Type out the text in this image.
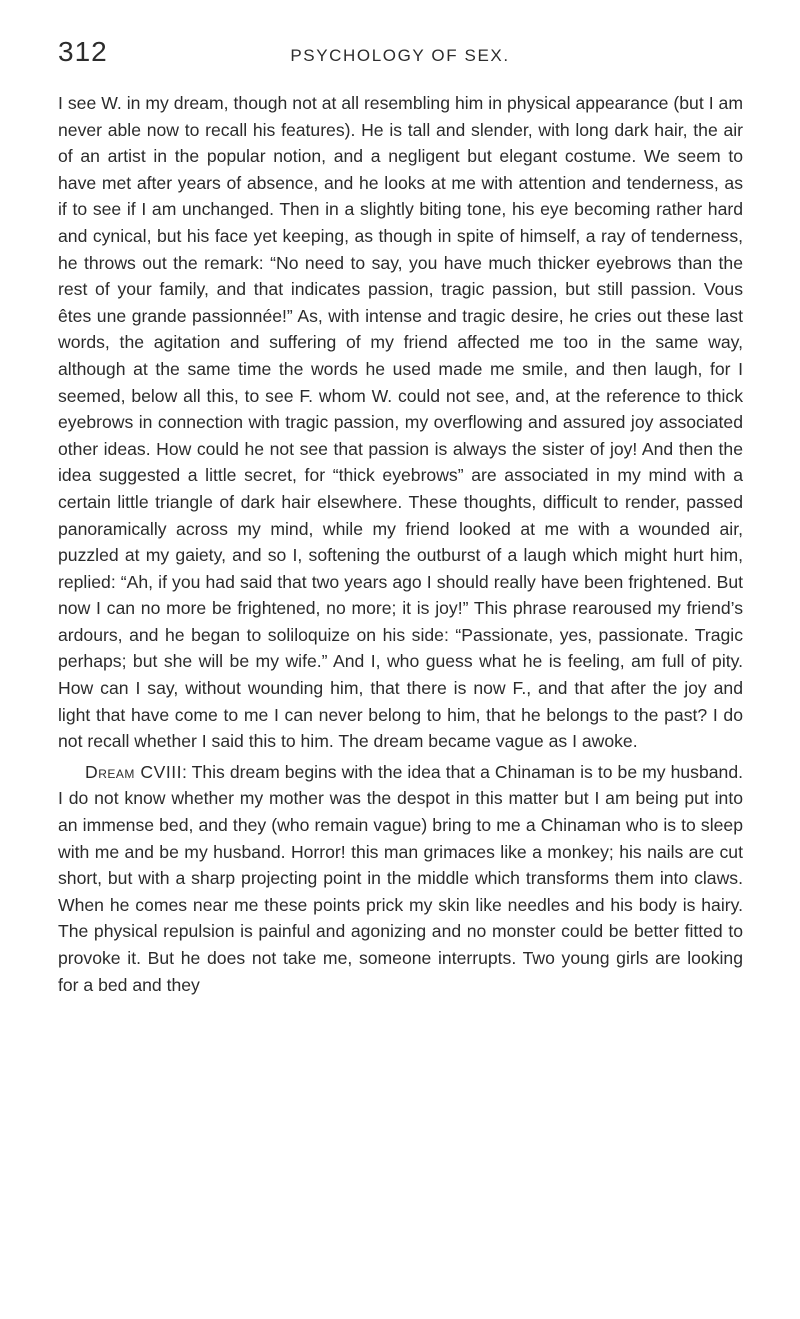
312	PSYCHOLOGY OF SEX.

I see W. in my dream, though not at all resembling him in physical appearance (but I am never able now to recall his features). He is tall and slender, with long dark hair, the air of an artist in the popular notion, and a negligent but elegant costume. We seem to have met after years of absence, and he looks at me with attention and tenderness, as if to see if I am unchanged. Then in a slightly biting tone, his eye becoming rather hard and cynical, but his face yet keeping, as though in spite of himself, a ray of tenderness, he throws out the remark: “No need to say, you have much thicker eyebrows than the rest of your family, and that indicates passion, tragic passion, but still passion. Vous êtes une grande passionnée!” As, with intense and tragic desire, he cries out these last words, the agitation and suffering of my friend affected me too in the same way, although at the same time the words he used made me smile, and then laugh, for I seemed, below all this, to see F. whom W. could not see, and, at the reference to thick eyebrows in connection with tragic passion, my overflowing and assured joy associated other ideas. How could he not see that passion is always the sister of joy! And then the idea suggested a little secret, for “thick eyebrows” are associated in my mind with a certain little triangle of dark hair elsewhere. These thoughts, difficult to render, passed panoramically across my mind, while my friend looked at me with a wounded air, puzzled at my gaiety, and so I, softening the outburst of a laugh which might hurt him, replied: “Ah, if you had said that two years ago I should really have been frightened. But now I can no more be frightened, no more; it is joy!” This phrase rearoused my friend’s ardours, and he began to soliloquize on his side: “Passionate, yes, passionate. Tragic perhaps; but she will be my wife.” And I, who guess what he is feeling, am full of pity. How can I say, without wounding him, that there is now F., and that after the joy and light that have come to me I can never belong to him, that he belongs to the past? I do not recall whether I said this to him. The dream became vague as I awoke.

Dream CVIII: This dream begins with the idea that a Chinaman is to be my husband. I do not know whether my mother was the despot in this matter but I am being put into an immense bed, and they (who remain vague) bring to me a Chinaman who is to sleep with me and be my husband. Horror! this man grimaces like a monkey; his nails are cut short, but with a sharp projecting point in the middle which transforms them into claws. When he comes near me these points prick my skin like needles and his body is hairy. The physical repulsion is painful and agonizing and no monster could be better fitted to provoke it. But he does not take me, someone interrupts. Two young girls are looking for a bed and they
